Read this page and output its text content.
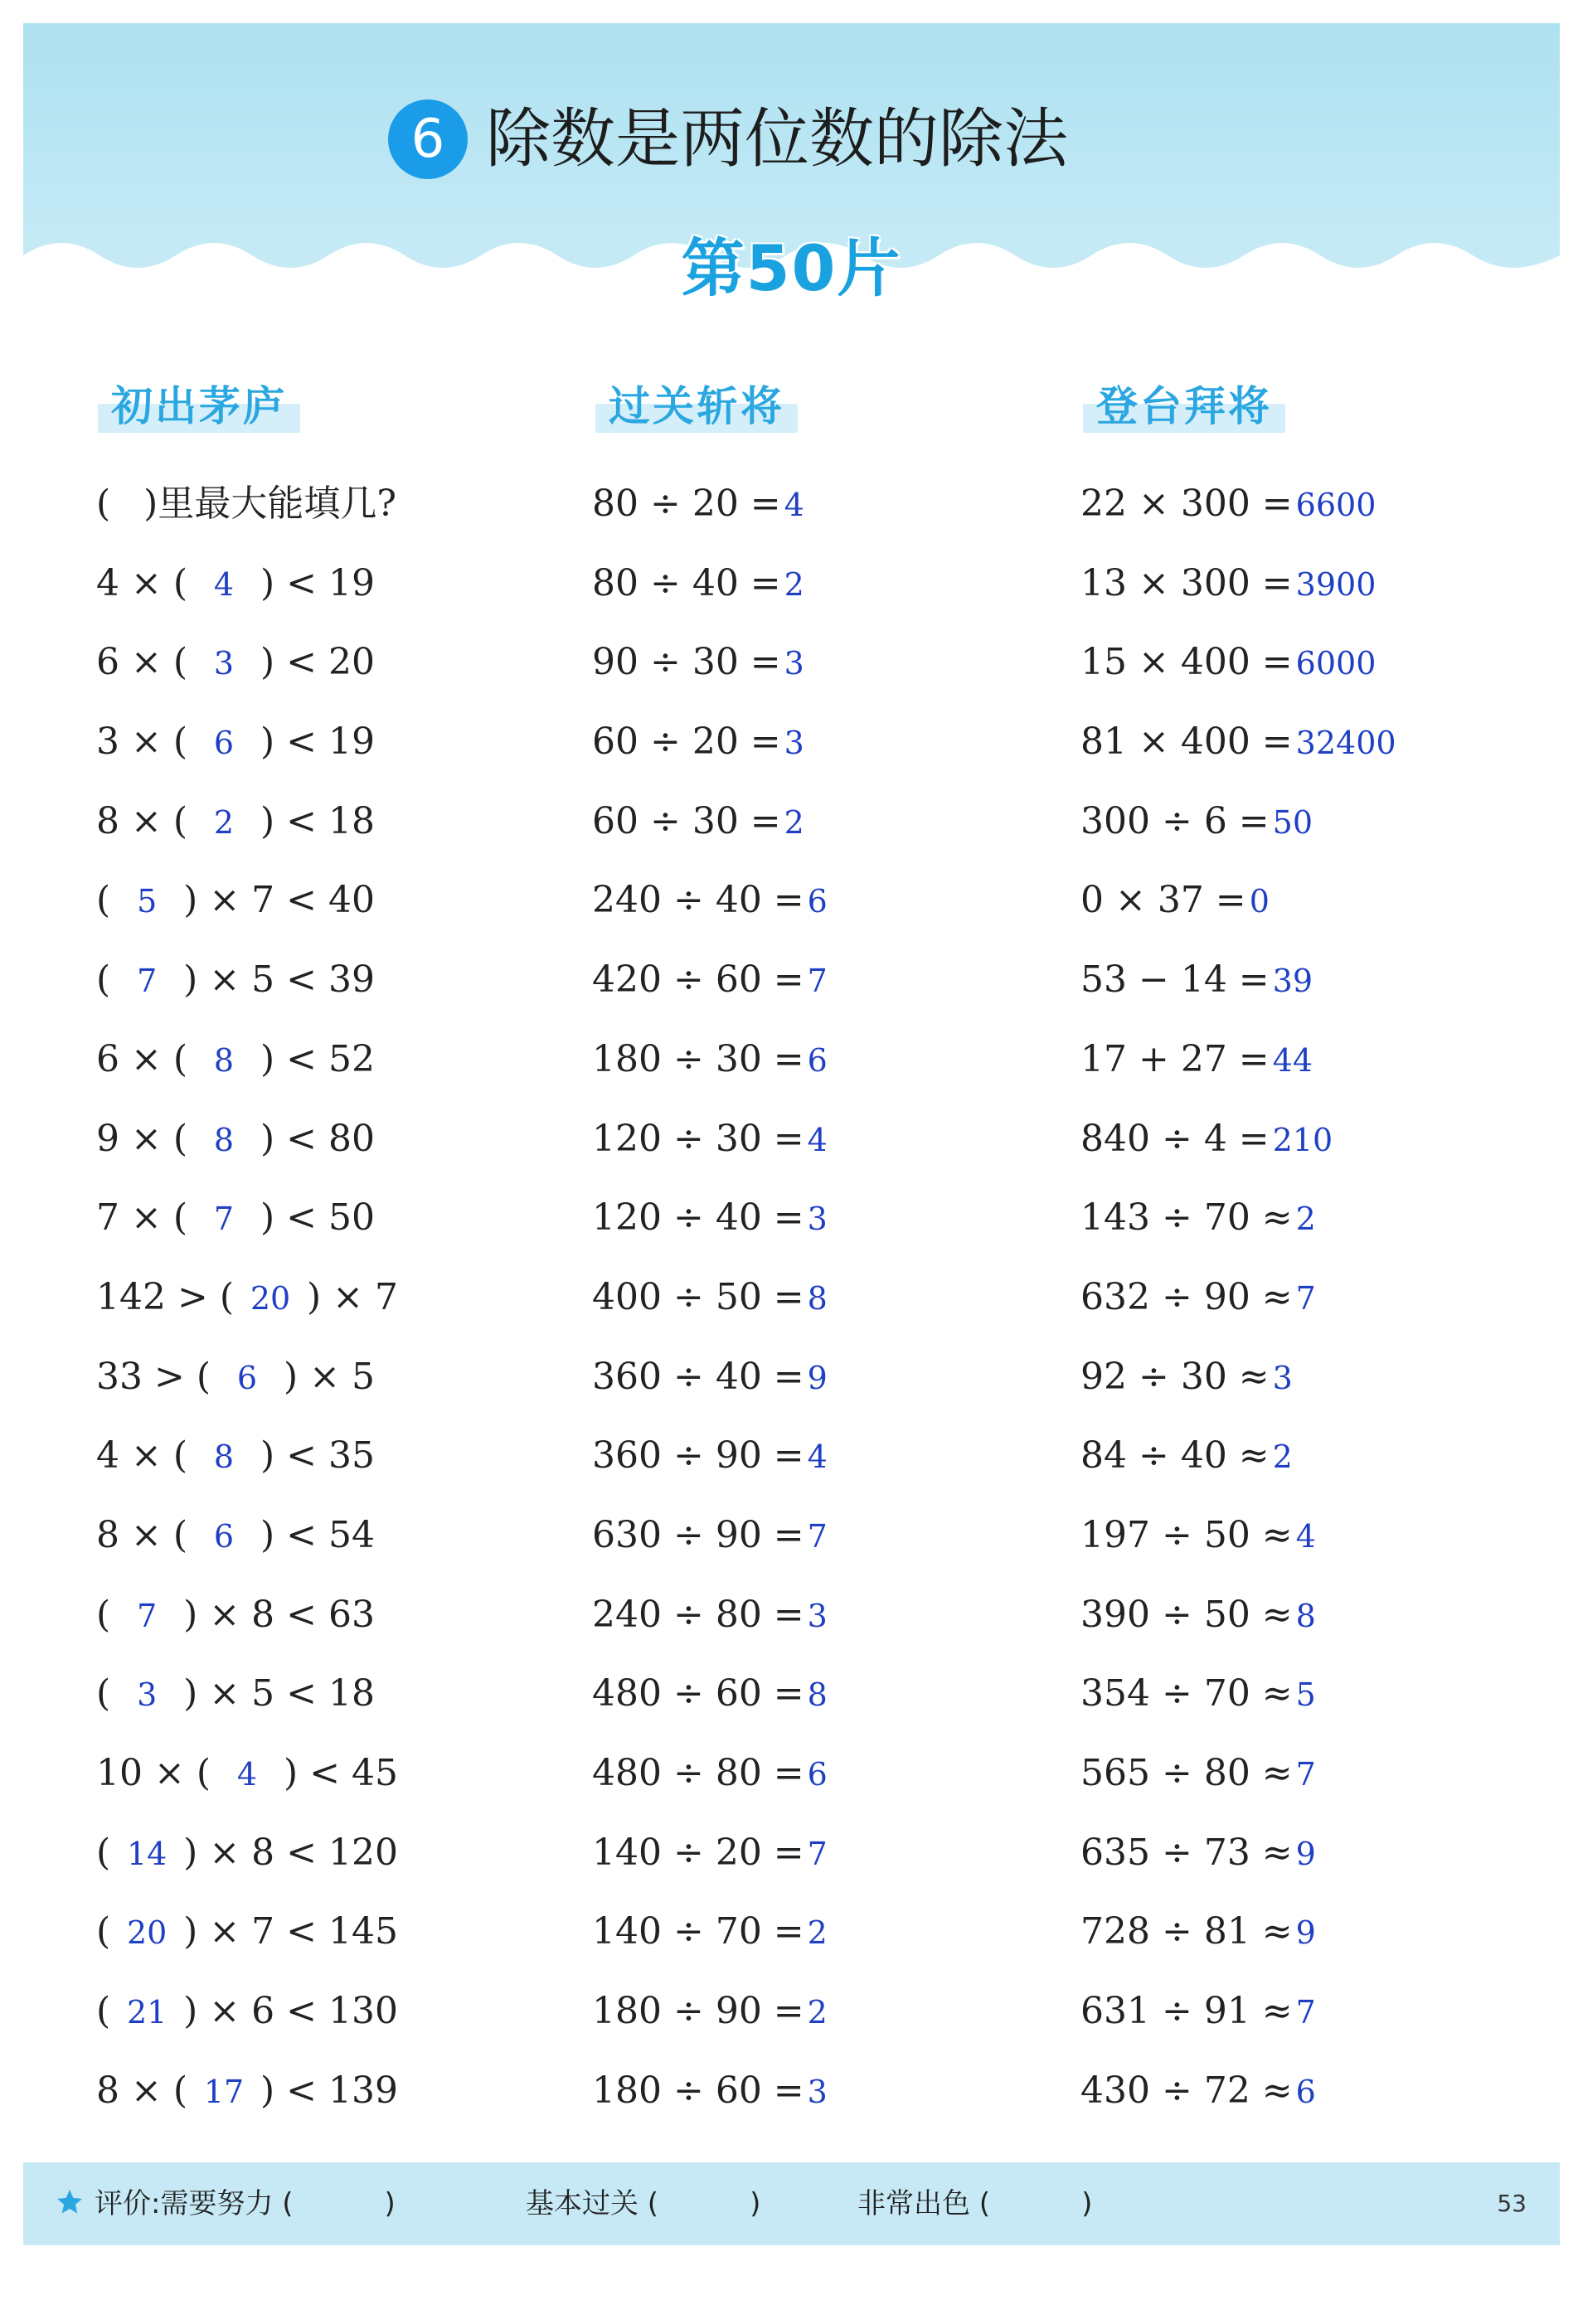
6 除数是两位数的除法
第50片
初出茅庐	过关斩将	登台拜将
( )里最大能填几?
4 × ( 4 ) < 19
6 × ( 3 ) < 20
3 × ( 6 ) < 19
8 × ( 2 ) < 18
( 5 ) × 7 < 40
( 7 ) × 5 < 39
6 × ( 8 ) < 52
9 × ( 8 ) < 80
7 × ( 7 ) < 50
142 > ( 20 ) × 7
33 > ( 6 ) × 5
4 × ( 8 ) < 35
8 × ( 6 ) < 54
( 7 ) × 8 < 63
( 3 ) × 5 < 18
10 × ( 4 ) < 45
( 14 ) × 8 < 120
( 20 ) × 7 < 145
( 21 ) × 6 < 130
8 × ( 17 ) < 139
80 ÷ 20 = 4
80 ÷ 40 = 2
90 ÷ 30 = 3
60 ÷ 20 = 3
60 ÷ 30 = 2
240 ÷ 40 = 6
420 ÷ 60 = 7
180 ÷ 30 = 6
120 ÷ 30 = 4
120 ÷ 40 = 3
400 ÷ 50 = 8
360 ÷ 40 = 9
360 ÷ 90 = 4
630 ÷ 90 = 7
240 ÷ 80 = 3
480 ÷ 60 = 8
480 ÷ 80 = 6
140 ÷ 20 = 7
140 ÷ 70 = 2
180 ÷ 90 = 2
180 ÷ 60 = 3
22 × 300 = 6600
13 × 300 = 3900
15 × 400 = 6000
81 × 400 = 32400
300 ÷ 6 = 50
0 × 37 = 0
53 − 14 = 39
17 + 27 = 44
840 ÷ 4 = 210
143 ÷ 70 ≈ 2
632 ÷ 90 ≈ 7
92 ÷ 30 ≈ 3
84 ÷ 40 ≈ 2
197 ÷ 50 ≈ 4
390 ÷ 50 ≈ 8
354 ÷ 70 ≈ 5
565 ÷ 80 ≈ 7
635 ÷ 73 ≈ 9
728 ÷ 81 ≈ 9
631 ÷ 91 ≈ 7
430 ÷ 72 ≈ 6
评价:需要努力 (	)	基本过关 (	)	非常出色 (	)	53
